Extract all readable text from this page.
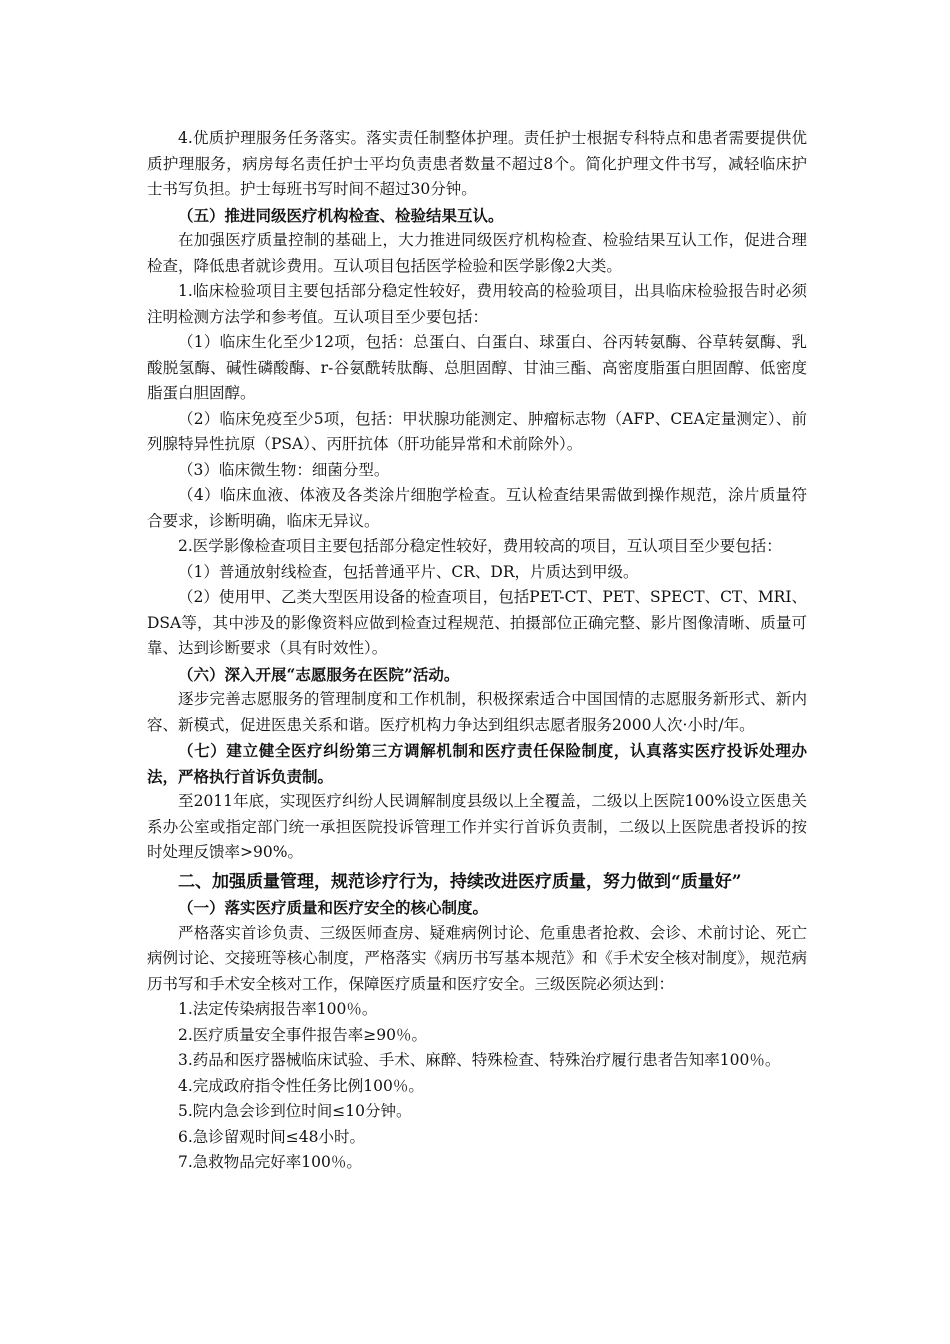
4.优质护理服务任务落实。落实责任制整体护理。责任护士根据专科特点和患者需要提供优质护理服务，病房每名责任护士平均负责患者数量不超过8个。简化护理文件书写，减轻临床护士书写负担。护士每班书写时间不超过30分钟。

（五）推进同级医疗机构检查、检验结果互认。

在加强医疗质量控制的基础上，大力推进同级医疗机构检查、检验结果互认工作，促进合理检查，降低患者就诊费用。互认项目包括医学检验和医学影像2大类。

1.临床检验项目主要包括部分稳定性较好，费用较高的检验项目，出具临床检验报告时必须注明检测方法学和参考值。互认项目至少要包括：

（1）临床生化至少12项，包括：总蛋白、白蛋白、球蛋白、谷丙转氨酶、谷草转氨酶、乳酸脱氢酶、碱性磷酸酶、r-谷氨酰转肽酶、总胆固醇、甘油三酯、高密度脂蛋白胆固醇、低密度脂蛋白胆固醇。

（2）临床免疫至少5项，包括：甲状腺功能测定、肿瘤标志物（AFP、CEA定量测定）、前列腺特异性抗原（PSA）、丙肝抗体（肝功能异常和术前除外）。

（3）临床微生物：细菌分型。

（4）临床血液、体液及各类涂片细胞学检查。互认检查结果需做到操作规范，涂片质量符合要求，诊断明确，临床无异议。

2.医学影像检查项目主要包括部分稳定性较好，费用较高的项目，互认项目至少要包括：

（1）普通放射线检查，包括普通平片、CR、DR，片质达到甲级。

（2）使用甲、乙类大型医用设备的检查项目，包括PET-CT、PET、SPECT、CT、MRI、DSA等，其中涉及的影像资料应做到检查过程规范、拍摄部位正确完整、影片图像清晰、质量可靠、达到诊断要求（具有时效性）。

（六）深入开展“志愿服务在医院”活动。

逐步完善志愿服务的管理制度和工作机制，积极探索适合中国国情的志愿服务新形式、新内容、新模式，促进医患关系和谐。医疗机构力争达到组织志愿者服务2000人次·小时/年。

（七）建立健全医疗纠纷第三方调解机制和医疗责任保险制度，认真落实医疗投诉处理办法，严格执行首诉负责制。

至2011年底，实现医疗纠纷人民调解制度县级以上全覆盖，二级以上医院100%设立医患关系办公室或指定部门统一承担医院投诉管理工作并实行首诉负责制，二级以上医院患者投诉的按时处理反馈率>90%。

二、加强质量管理，规范诊疗行为，持续改进医疗质量，努力做到“质量好”

（一）落实医疗质量和医疗安全的核心制度。

严格落实首诊负责、三级医师查房、疑难病例讨论、危重患者抢救、会诊、术前讨论、死亡病例讨论、交接班等核心制度，严格落实《病历书写基本规范》和《手术安全核对制度》，规范病历书写和手术安全核对工作，保障医疗质量和医疗安全。三级医院必须达到：

1.法定传染病报告率100％。

2.医疗质量安全事件报告率≥90％。

3.药品和医疗器械临床试验、手术、麻醉、特殊检查、特殊治疗履行患者告知率100％。

4.完成政府指令性任务比例100％。

5.院内急会诊到位时间≤10分钟。

6.急诊留观时间≤48小时。

7.急救物品完好率100％。
